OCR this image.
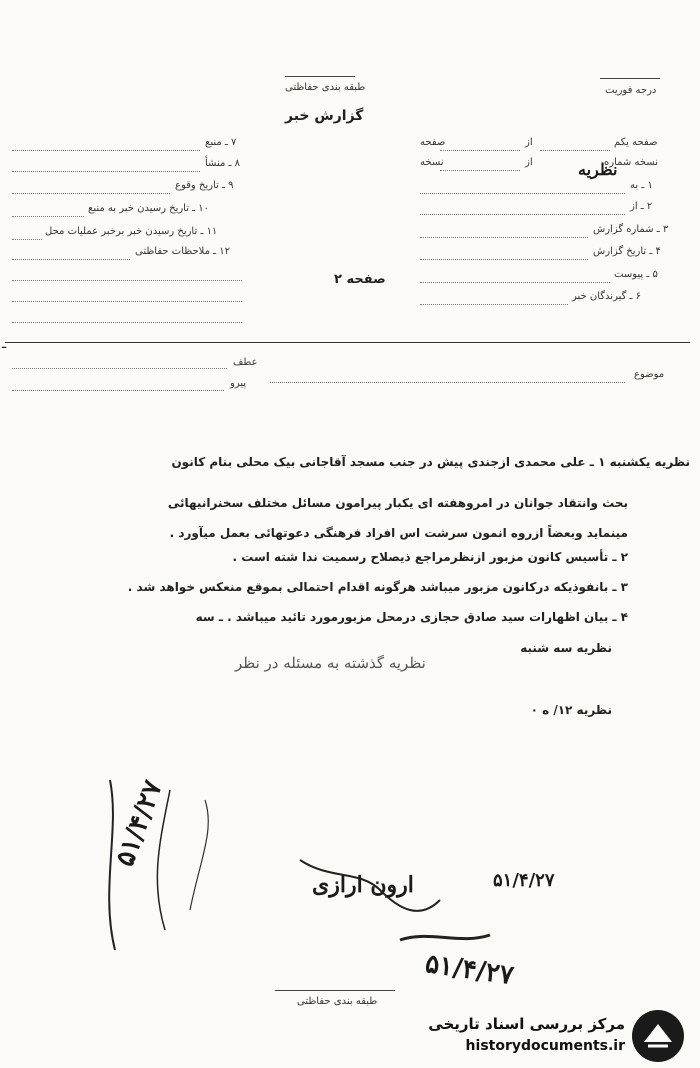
طبقه بندی حفاظتی
گزارش خبر
درجه فوریت
صفحه یکم
از
صفحه
نسخه شماره
از
نسخه	نظریه
۱ ـ به
۲ ـ از
۳ ـ شماره گزارش
۴ ـ تاریخ گزارش
۵ ـ پیوست
۶ ـ گیرندگان خبر
۷ ـ منبع
۸ ـ منشأ
۹ ـ تاریخ وقوع
۱۰ ـ تاریخ رسیدن خبر به منبع
۱۱ ـ تاریخ رسیدن خبر برخبر عملیات محل
۱۲ ـ ملاحظات حفاظتی
صفحه ۲
ـ
موضوع
عطف
پیرو
نظریه یکشنبه ۱ ـ علی محمدی ازجندی پیش در جنب مسجد آقاجانی بیک محلی بنام کانون
بحث وانتقاد جوانان در امروهفته ای یکبار پیرامون مسائل مختلف سخنرانیهائی
مینماید وبعضاً ازروه انمون سرشت اس افراد فرهنگی دعوتهائی بعمل میآورد .
۲ ـ تأسیس کانون مزبور ازنظرمراجع ذیصلاح رسمیت ندا شته است .
۳ ـ بانفوذیکه درکانون مزبور میباشد هرگونه اقدام احتمالی بموقع منعکس خواهد شد .
۴ ـ بیان اظهارات سید صادق حجازی درمحل مزبورمورد تائید میباشد . ـ سه
نظریه سه شنبه
نظریه گذشته به مسئله در نظر
نظریه ۱۲/ ه ۰
۵۱/۴/۲۷
ارون ارازی
۵۱/۴/۲۷
۵۱/۴/۲۷
طبقه بندی حفاظتی
مرکز بررسی اسناد تاریخی
historydocuments.ir
